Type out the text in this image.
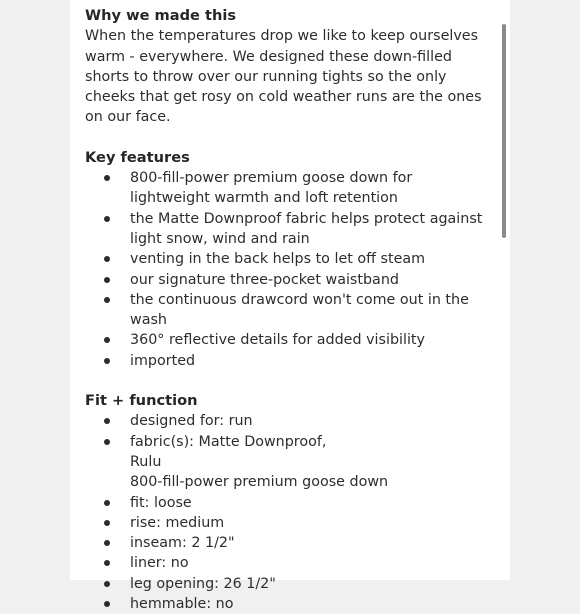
Why we made this

When the temperatures drop we like to keep ourselves warm - everywhere. We designed these down-filled shorts to throw over our running tights so the only cheeks that get rosy on cold weather runs are the ones on our face.

Key features
800-fill-power premium goose down for lightweight warmth and loft retention
the Matte Downproof fabric helps protect against light snow, wind and rain
venting in the back helps to let off steam
our signature three-pocket waistband
the continuous drawcord won't come out in the wash
360° reflective details for added visibility
imported
Fit + function
designed for: run
fabric(s): Matte Downproof,
Rulu
800-fill-power premium goose down
fit: loose
rise: medium
inseam: 2 1/2"
liner: no
leg opening: 26 1/2"
hemmable: no
